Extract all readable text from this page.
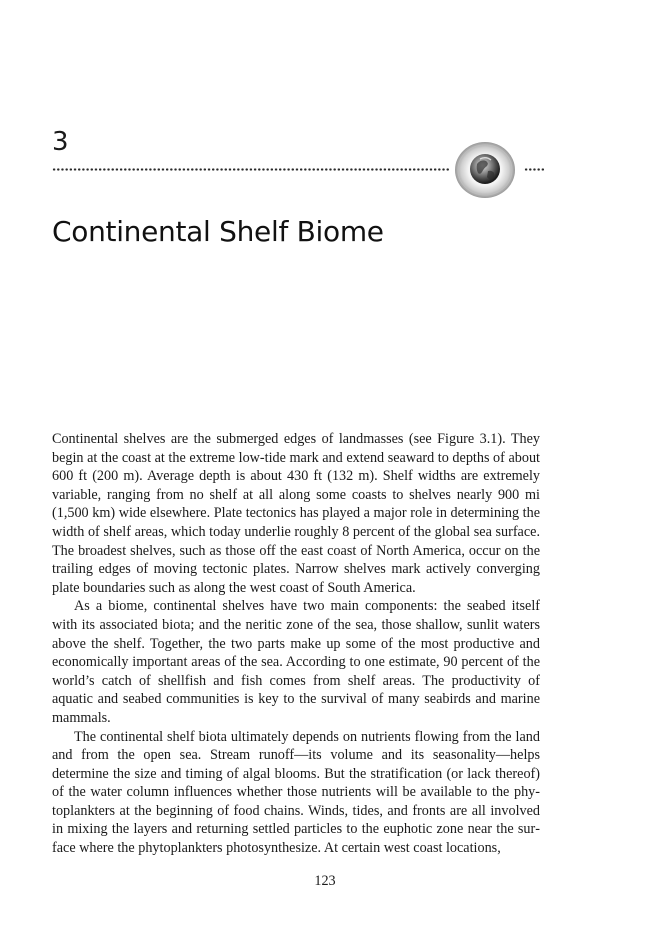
3
Continental Shelf Biome

Continental shelves are the submerged edges of landmasses (see Figure 3.1). They begin at the coast at the extreme low-tide mark and extend seaward to depths of about 600 ft (200 m). Average depth is about 430 ft (132 m). Shelf widths are extremely variable, ranging from no shelf at all along some coasts to shelves nearly 900 mi (1,500 km) wide elsewhere. Plate tectonics has played a major role in determining the width of shelf areas, which today underlie roughly 8 percent of the global sea surface. The broadest shelves, such as those off the east coast of North America, occur on the trailing edges of moving tectonic plates. Narrow shelves mark actively converging plate boundaries such as along the west coast of South America.

As a biome, continental shelves have two main components: the seabed itself with its associated biota; and the neritic zone of the sea, those shallow, sunlit waters above the shelf. Together, the two parts make up some of the most productive and economically important areas of the sea. According to one estimate, 90 percent of the world’s catch of shellfish and fish comes from shelf areas. The productivity of aquatic and seabed communities is key to the survival of many seabirds and marine mammals.

The continental shelf biota ultimately depends on nutrients flowing from the land and from the open sea. Stream runoff—its volume and its seasonality—helps determine the size and timing of algal blooms. But the stratification (or lack thereof) of the water column influences whether those nutrients will be available to the phytoplankters at the beginning of food chains. Winds, tides, and fronts are all involved in mixing the layers and returning settled particles to the euphotic zone near the surface where the phytoplankters photosynthesize. At certain west coast locations,

123
